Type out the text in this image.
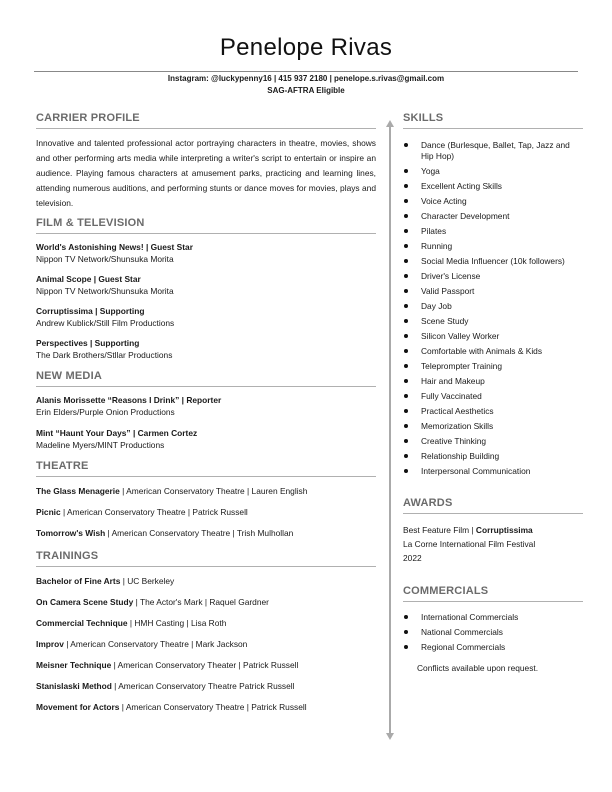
Penelope Rivas
Instagram: @luckypenny16 | 415 937 2180 | penelope.s.rivas@gmail.com
SAG-AFTRA Eligible
CARRIER PROFILE
Innovative and talented professional actor portraying characters in theatre, movies, shows and other performing arts media while interpreting a writer's script to entertain or inspire an audience. Playing famous characters at amusement parks, practicing and learning lines, attending numerous auditions, and performing stunts or dance moves for movies, plays and television.
FILM & TELEVISION
World's Astonishing News! | Guest Star
Nippon TV Network/Shunsuka Morita
Animal Scope | Guest Star
Nippon TV Network/Shunsuka Morita
Corruptissima | Supporting
Andrew Kublick/Still Film Productions
Perspectives | Supporting
The Dark Brothers/Stllar Productions
NEW MEDIA
Alanis Morissette “Reasons I Drink” | Reporter
Erin Elders/Purple Onion Productions
Mint “Haunt Your Days” | Carmen Cortez
Madeline Myers/MINT Productions
THEATRE
The Glass Menagerie | American Conservatory Theatre | Lauren English
Picnic | American Conservatory Theatre | Patrick Russell
Tomorrow's Wish | American Conservatory Theatre | Trish Mulhollan
TRAININGS
Bachelor of Fine Arts | UC Berkeley
On Camera Scene Study | The Actor's Mark | Raquel Gardner
Commercial Technique | HMH Casting | Lisa Roth
Improv | American Conservatory Theatre | Mark Jackson
Meisner Technique | American Conservatory Theater | Patrick Russell
Stanislaski Method | American Conservatory Theatre Patrick Russell
Movement for Actors | American Conservatory Theatre | Patrick Russell
SKILLS
Dance (Burlesque, Ballet, Tap, Jazz and Hip Hop)
Yoga
Excellent Acting Skills
Voice Acting
Character Development
Pilates
Running
Social Media Influencer (10k followers)
Driver's License
Valid Passport
Day Job
Scene Study
Silicon Valley Worker
Comfortable with Animals & Kids
Teleprompter Training
Hair and Makeup
Fully Vaccinated
Practical Aesthetics
Memorization Skills
Creative Thinking
Relationship Building
Interpersonal Communication
AWARDS
Best Feature Film | Corruptissima
La Corne International Film Festival
2022
COMMERCIALS
International Commercials
National Commercials
Regional Commercials
Conflicts available upon request.
